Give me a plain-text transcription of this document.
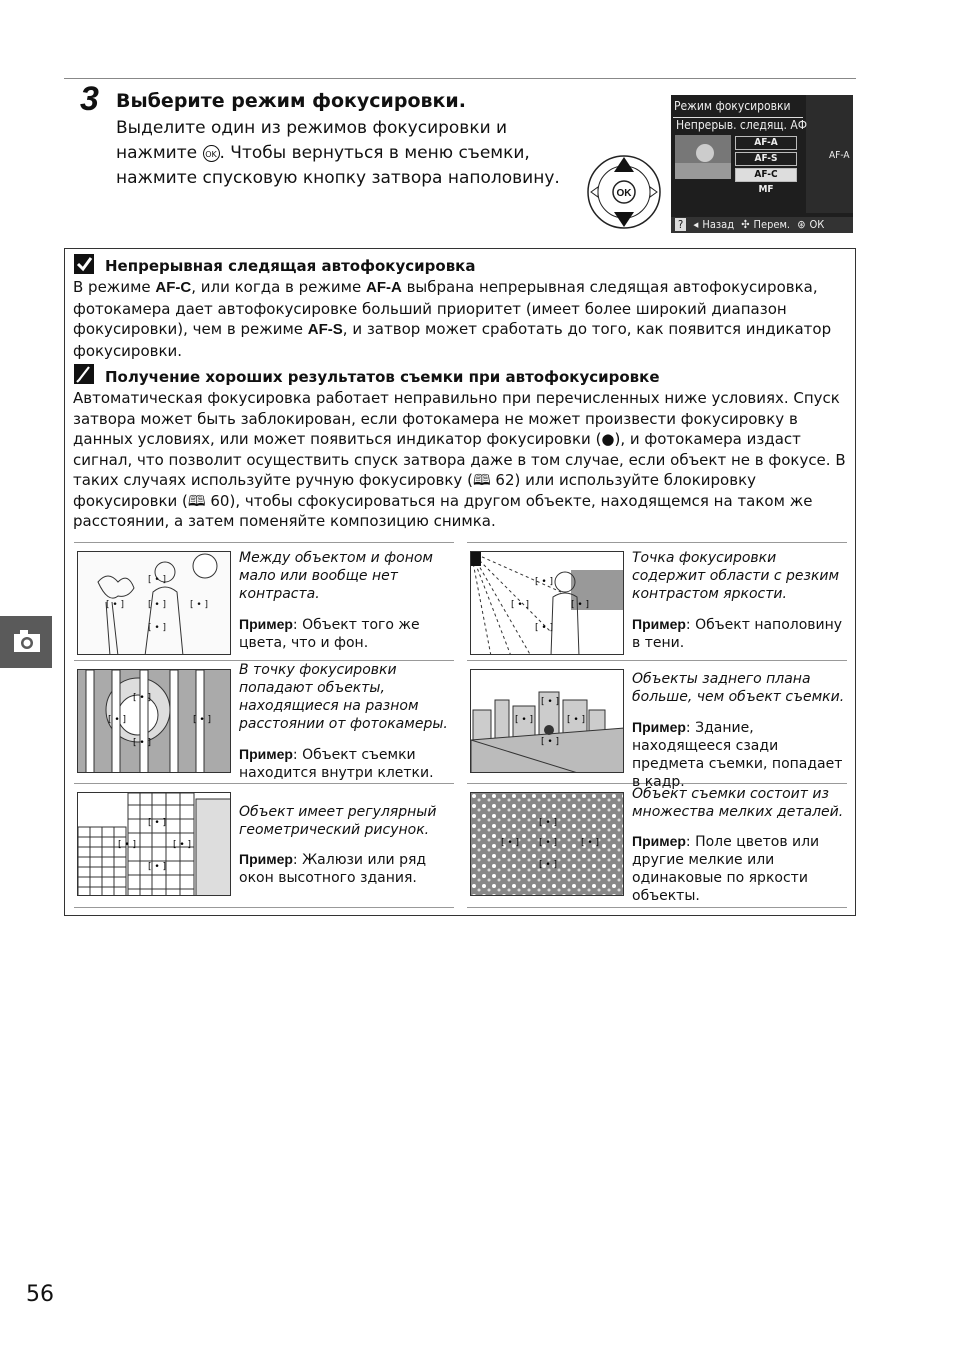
3 Выберите режим фокусировки.
Выделите один из режимов фокусировки и
нажмите OK . Чтобы вернуться в меню съемки,
нажмите спусковую кнопку затвора наполовину.
OK
AF-A
Режим фокусировки
Непрерыв. следящ. АФ
AF-A
AF-S
AF-C
MF
? ◂ Назад ✣ Перем. ⊛ ОК
Непрерывная следящая автофокусировка
В режиме AF-C, или когда в режиме AF-A выбрана непрерывная следящая автофокусировка, фотокамера дает автофокусировке больший приоритет (имеет более широкий диапазон фокусировки), чем в режиме AF-S, и затвор может сработать до того, как появится индикатор фокусировки.
Получение хороших результатов съемки при автофокусировке
Автоматическая фокусировка работает неправильно при перечисленных ниже условиях. Спуск затвора может быть заблокирован, если фотокамера не может произвести фокусировку в данных условиях, или может появиться индикатор фокусировки (●), и фотокамера издаст сигнал, что позволит осуществить спуск затвора даже в том случае, если объект не в фокусе. В таких случаях используйте ручную фокусировку (🕮 62) или используйте блокировку фокусировки (🕮 60), чтобы сфокусироваться на другом объекте, находящемся на таком же расстоянии, а затем поменяйте композицию снимка.
[ • ]
[ • ]
[ • ]	[ • ]
[ • ]
Между объектом и фоном мало или вообще нет контраста.
Пример: Объект того же цвета, что и фон.
[ • ]
[ • ]	[ • ]
[ • ]
Точка фокусировки содержит области с резким контрастом яркости.
Пример: Объект наполовину в тени.
[ • ]
[ • ]	[ • ]
[ • ]
В точку фокусировки попадают объекты, находящиеся на разном расстоянии от фотокамеры.
Пример: Объект съемки находится внутри клетки.
[ • ]
[ • ]	[ • ]
[ • ]
Объекты заднего плана больше, чем объект съемки.
Пример: Здание, находящееся сзади предмета съемки, попадает в кадр.
[ • ]
[ • ]	[ • ]
[ • ]
Объект имеет регулярный геометрический рисунок.
Пример: Жалюзи или ряд окон высотного здания.
[ • ]
[ • ] [ • ]	[ • ]
[ • ]
Объект съемки состоит из множества мелких деталей.
Пример: Поле цветов или другие мелкие или одинаковые по яркости объекты.
56
